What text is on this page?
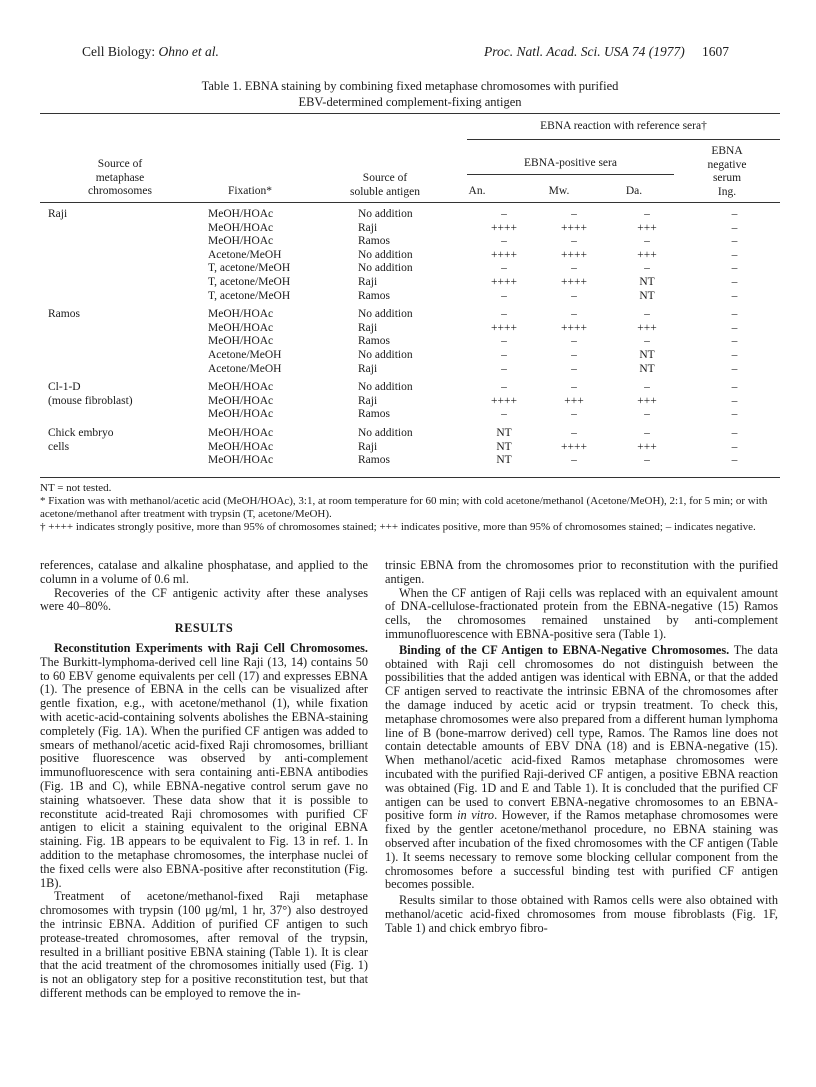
Cell Biology: Ohno et al.	Proc. Natl. Acad. Sci. USA 74 (1977) 1607
Table 1. EBNA staining by combining fixed metaphase chromosomes with purified
EBV-determined complement-fixing antigen
EBNA reaction with reference sera†
Source of
metaphase
chromosomes	Fixation*
Source of
soluble antigen
EBNA-positive sera
EBNA
negative
serum
Ing.
An.	Mw.	Da.
Raji	MeOH/HOAc	No addition	–	–	–	–
	MeOH/HOAc	Raji	++++	++++	+++	–
	MeOH/HOAc	Ramos	–	–	–	–
	Acetone/MeOH	No addition	++++	++++	+++	–
	T, acetone/MeOH	No addition	–	–	–	–
	T, acetone/MeOH	Raji	++++	++++	NT	–
	T, acetone/MeOH	Ramos	–	–	NT	–

Ramos	MeOH/HOAc	No addition	–	–	–	–
	MeOH/HOAc	Raji	++++	++++	+++	–
	MeOH/HOAc	Ramos	–	–	–	–
	Acetone/MeOH	No addition	–	–	NT	–
	Acetone/MeOH	Raji	–	–	NT	–

Cl-1-D	MeOH/HOAc	No addition	–	–	–	–
(mouse fibroblast)	MeOH/HOAc	Raji	++++	+++	+++	–
	MeOH/HOAc	Ramos	–	–	–	–

Chick embryo	MeOH/HOAc	No addition	NT	–	–	–
cells	MeOH/HOAc	Raji	NT	++++	+++	–
	MeOH/HOAc	Ramos	NT	–	–	–
NT = not tested.
* Fixation was with methanol/acetic acid (MeOH/HOAc), 3:1, at room temperature for 60 min; with cold acetone/methanol (Acetone/MeOH), 2:1, for 5 min; or with acetone/methanol after treatment with trypsin (T, acetone/MeOH).
† ++++ indicates strongly positive, more than 95% of chromosomes stained; +++ indicates positive, more than 95% of chromosomes stained; – indicates negative.

references, catalase and alkaline phosphatase, and applied to the column in a volume of 0.6 ml.

Recoveries of the CF antigenic activity after these analyses were 40–80%.

RESULTS

Reconstitution Experiments with Raji Cell Chromosomes. The Burkitt-lymphoma-derived cell line Raji (13, 14) contains 50 to 60 EBV genome equivalents per cell (17) and expresses EBNA (1). The presence of EBNA in the cells can be visualized after gentle fixation, e.g., with acetone/methanol (1), while fixation with acetic-acid-containing solvents abolishes the EBNA-staining completely (Fig. 1A). When the purified CF antigen was added to smears of methanol/acetic acid-fixed Raji chromosomes, brilliant positive fluorescence was observed by anti-complement immunofluorescence with sera containing anti-EBNA antibodies (Fig. 1B and C), while EBNA-negative control serum gave no staining whatsoever. These data show that it is possible to reconstitute acid-treated Raji chromosomes with purified CF antigen to elicit a staining equivalent to the original EBNA staining. Fig. 1B appears to be equivalent to Fig. 13 in ref. 1. In addition to the metaphase chromosomes, the interphase nuclei of the fixed cells were also EBNA-positive after reconstitution (Fig. 1B).

Treatment of acetone/methanol-fixed Raji metaphase chromosomes with trypsin (100 μg/ml, 1 hr, 37°) also destroyed the intrinsic EBNA. Addition of purified CF antigen to such protease-treated chromosomes, after removal of the trypsin, resulted in a brilliant positive EBNA staining (Table 1). It is clear that the acid treatment of the chromosomes initially used (Fig. 1) is not an obligatory step for a positive reconstitution test, but that different methods can be employed to remove the in-

trinsic EBNA from the chromosomes prior to reconstitution with the purified antigen.

When the CF antigen of Raji cells was replaced with an equivalent amount of DNA-cellulose-fractionated protein from the EBNA-negative (15) Ramos cells, the chromosomes remained unstained by anti-complement immunofluorescence with EBNA-positive sera (Table 1).

Binding of the CF Antigen to EBNA-Negative Chromosomes. The data obtained with Raji cell chromosomes do not distinguish between the possibilities that the added antigen was identical with EBNA, or that the added CF antigen served to reactivate the intrinsic EBNA of the chromosomes after the damage induced by acetic acid or trypsin treatment. To check this, metaphase chromosomes were also prepared from a different human lymphoma line of B (bone-marrow derived) cell type, Ramos. The Ramos line does not contain detectable amounts of EBV DNA (18) and is EBNA-negative (15). When methanol/acetic acid-fixed Ramos metaphase chromosomes were incubated with the purified Raji-derived CF antigen, a positive EBNA reaction was obtained (Fig. 1D and E and Table 1). It is concluded that the purified CF antigen can be used to convert EBNA-negative chromosomes to an EBNA-positive form in vitro. However, if the Ramos metaphase chromosomes were fixed by the gentler acetone/methanol procedure, no EBNA staining was observed after incubation of the fixed chromosomes with the CF antigen (Table 1). It seems necessary to remove some blocking cellular component from the chromosomes before a successful binding test with purified CF antigen becomes possible.

Results similar to those obtained with Ramos cells were also obtained with methanol/acetic acid-fixed chromosomes from mouse fibroblasts (Fig. 1F, Table 1) and chick embryo fibro-
